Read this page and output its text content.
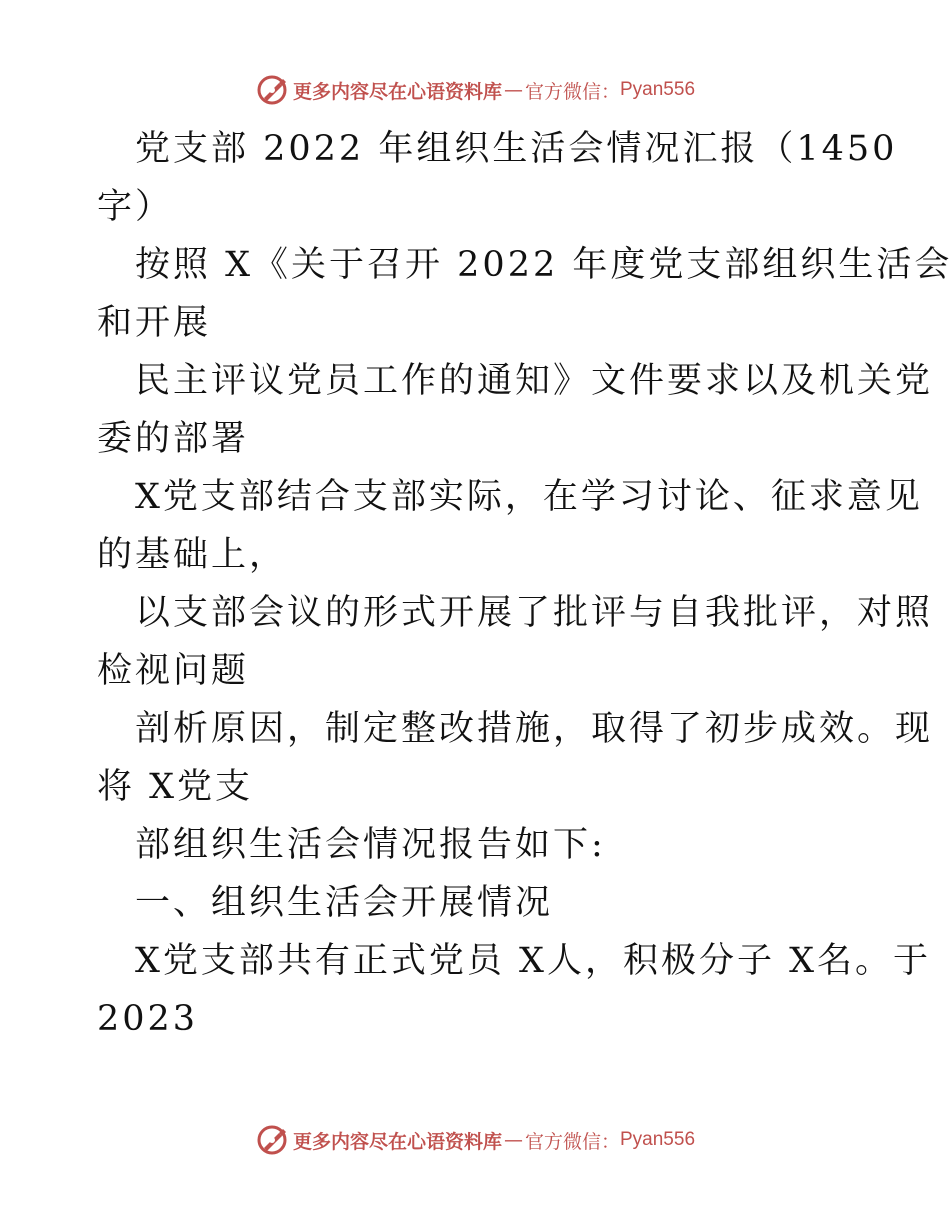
更多内容尽在心语资料库 — 官方微信： Pyan556
党支部 2022 年组织生活会情况汇报（1450
字）
按照 X《关于召开 2022 年度党支部组织生活会
和开展
民主评议党员工作的通知》文件要求以及机关党
委的部署
X党支部结合支部实际，在学习讨论、征求意见
的基础上，
以支部会议的形式开展了批评与自我批评，对照
检视问题
剖析原因，制定整改措施，取得了初步成效。现
将 X党支
部组织生活会情况报告如下:
一、组织生活会开展情况
X党支部共有正式党员 X人，积极分子 X名。于
2023
更多内容尽在心语资料库 — 官方微信： Pyan556
